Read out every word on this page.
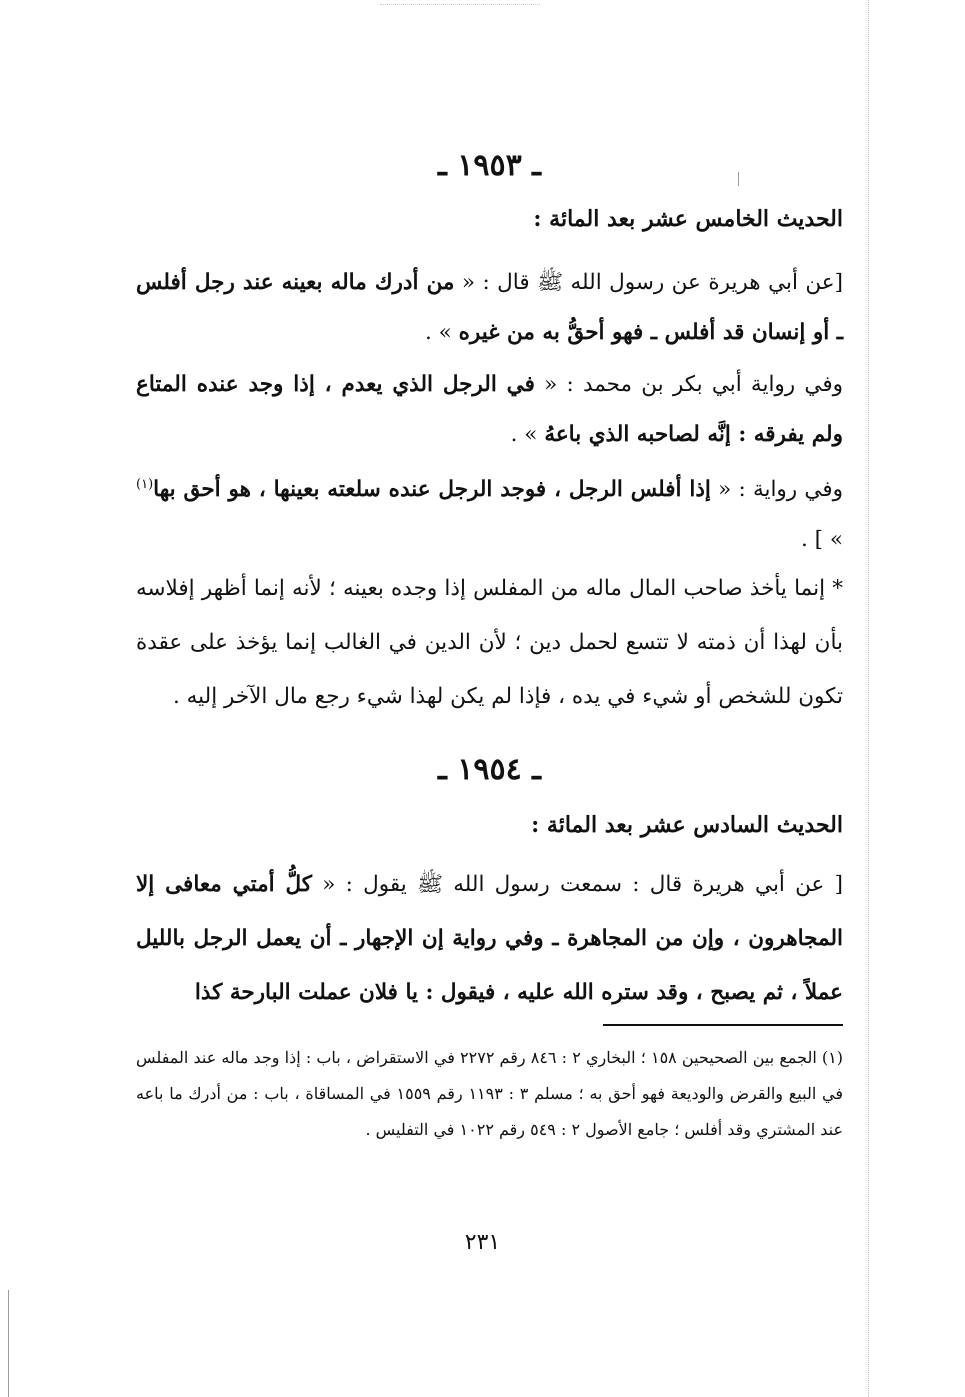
ـ ١٩٥٣ ـ
الحديث الخامس عشر بعد المائة :
[عن أبي هريرة عن رسول الله ﷺ قال : « من أدرك ماله بعينه عند رجل أفلس ـ أو إنسان قد أفلس ـ فهو أحقُّ به من غيره » .
وفي رواية أبي بكر بن محمد : « في الرجل الذي يعدم ، إذا وجد عنده المتاع ولم يفرقه : إنَّه لصاحبه الذي باعهُ » .
وفي رواية : « إذا أفلس الرجل ، فوجد الرجل عنده سلعته بعينها ، هو أحق بها$^{(١)}$ » ] .
* إنما يأخذ صاحب المال ماله من المفلس إذا وجده بعينه ؛ لأنه إنما أظهر إفلاسه بأن لهذا أن ذمته لا تتسع لحمل دين ؛ لأن الدين في الغالب إنما يؤخذ على عقدة تكون للشخص أو شيء في يده ، فإذا لم يكن لهذا شيء رجع مال الآخر إليه .
ـ ١٩٥٤ ـ
الحديث السادس عشر بعد المائة :
[ عن أبي هريرة قال : سمعت رسول الله ﷺ يقول : « كلُّ أمتي معافى إلا المجاهرون ، وإن من المجاهرة ـ وفي رواية إن الإجهار ـ أن يعمل الرجل بالليل عملاً ، ثم يصبح ، وقد ستره الله عليه ، فيقول : يا فلان عملت البارحة كذا
(١) الجمع بين الصحيحين ١٥٨ ؛ البخاري ٢ : ٨٤٦ رقم ٢٢٧٢ في الاستقراض ، باب : إذا وجد ماله عند المفلس في البيع والقرض والوديعة فهو أحق به ؛ مسلم ٣ : ١١٩٣ رقم ١٥٥٩ في المساقاة ، باب : من أدرك ما باعه عند المشتري وقد أفلس ؛ جامع الأصول ٢ : ٥٤٩ رقم ١٠٢٢ في التفليس .
٢٣١
